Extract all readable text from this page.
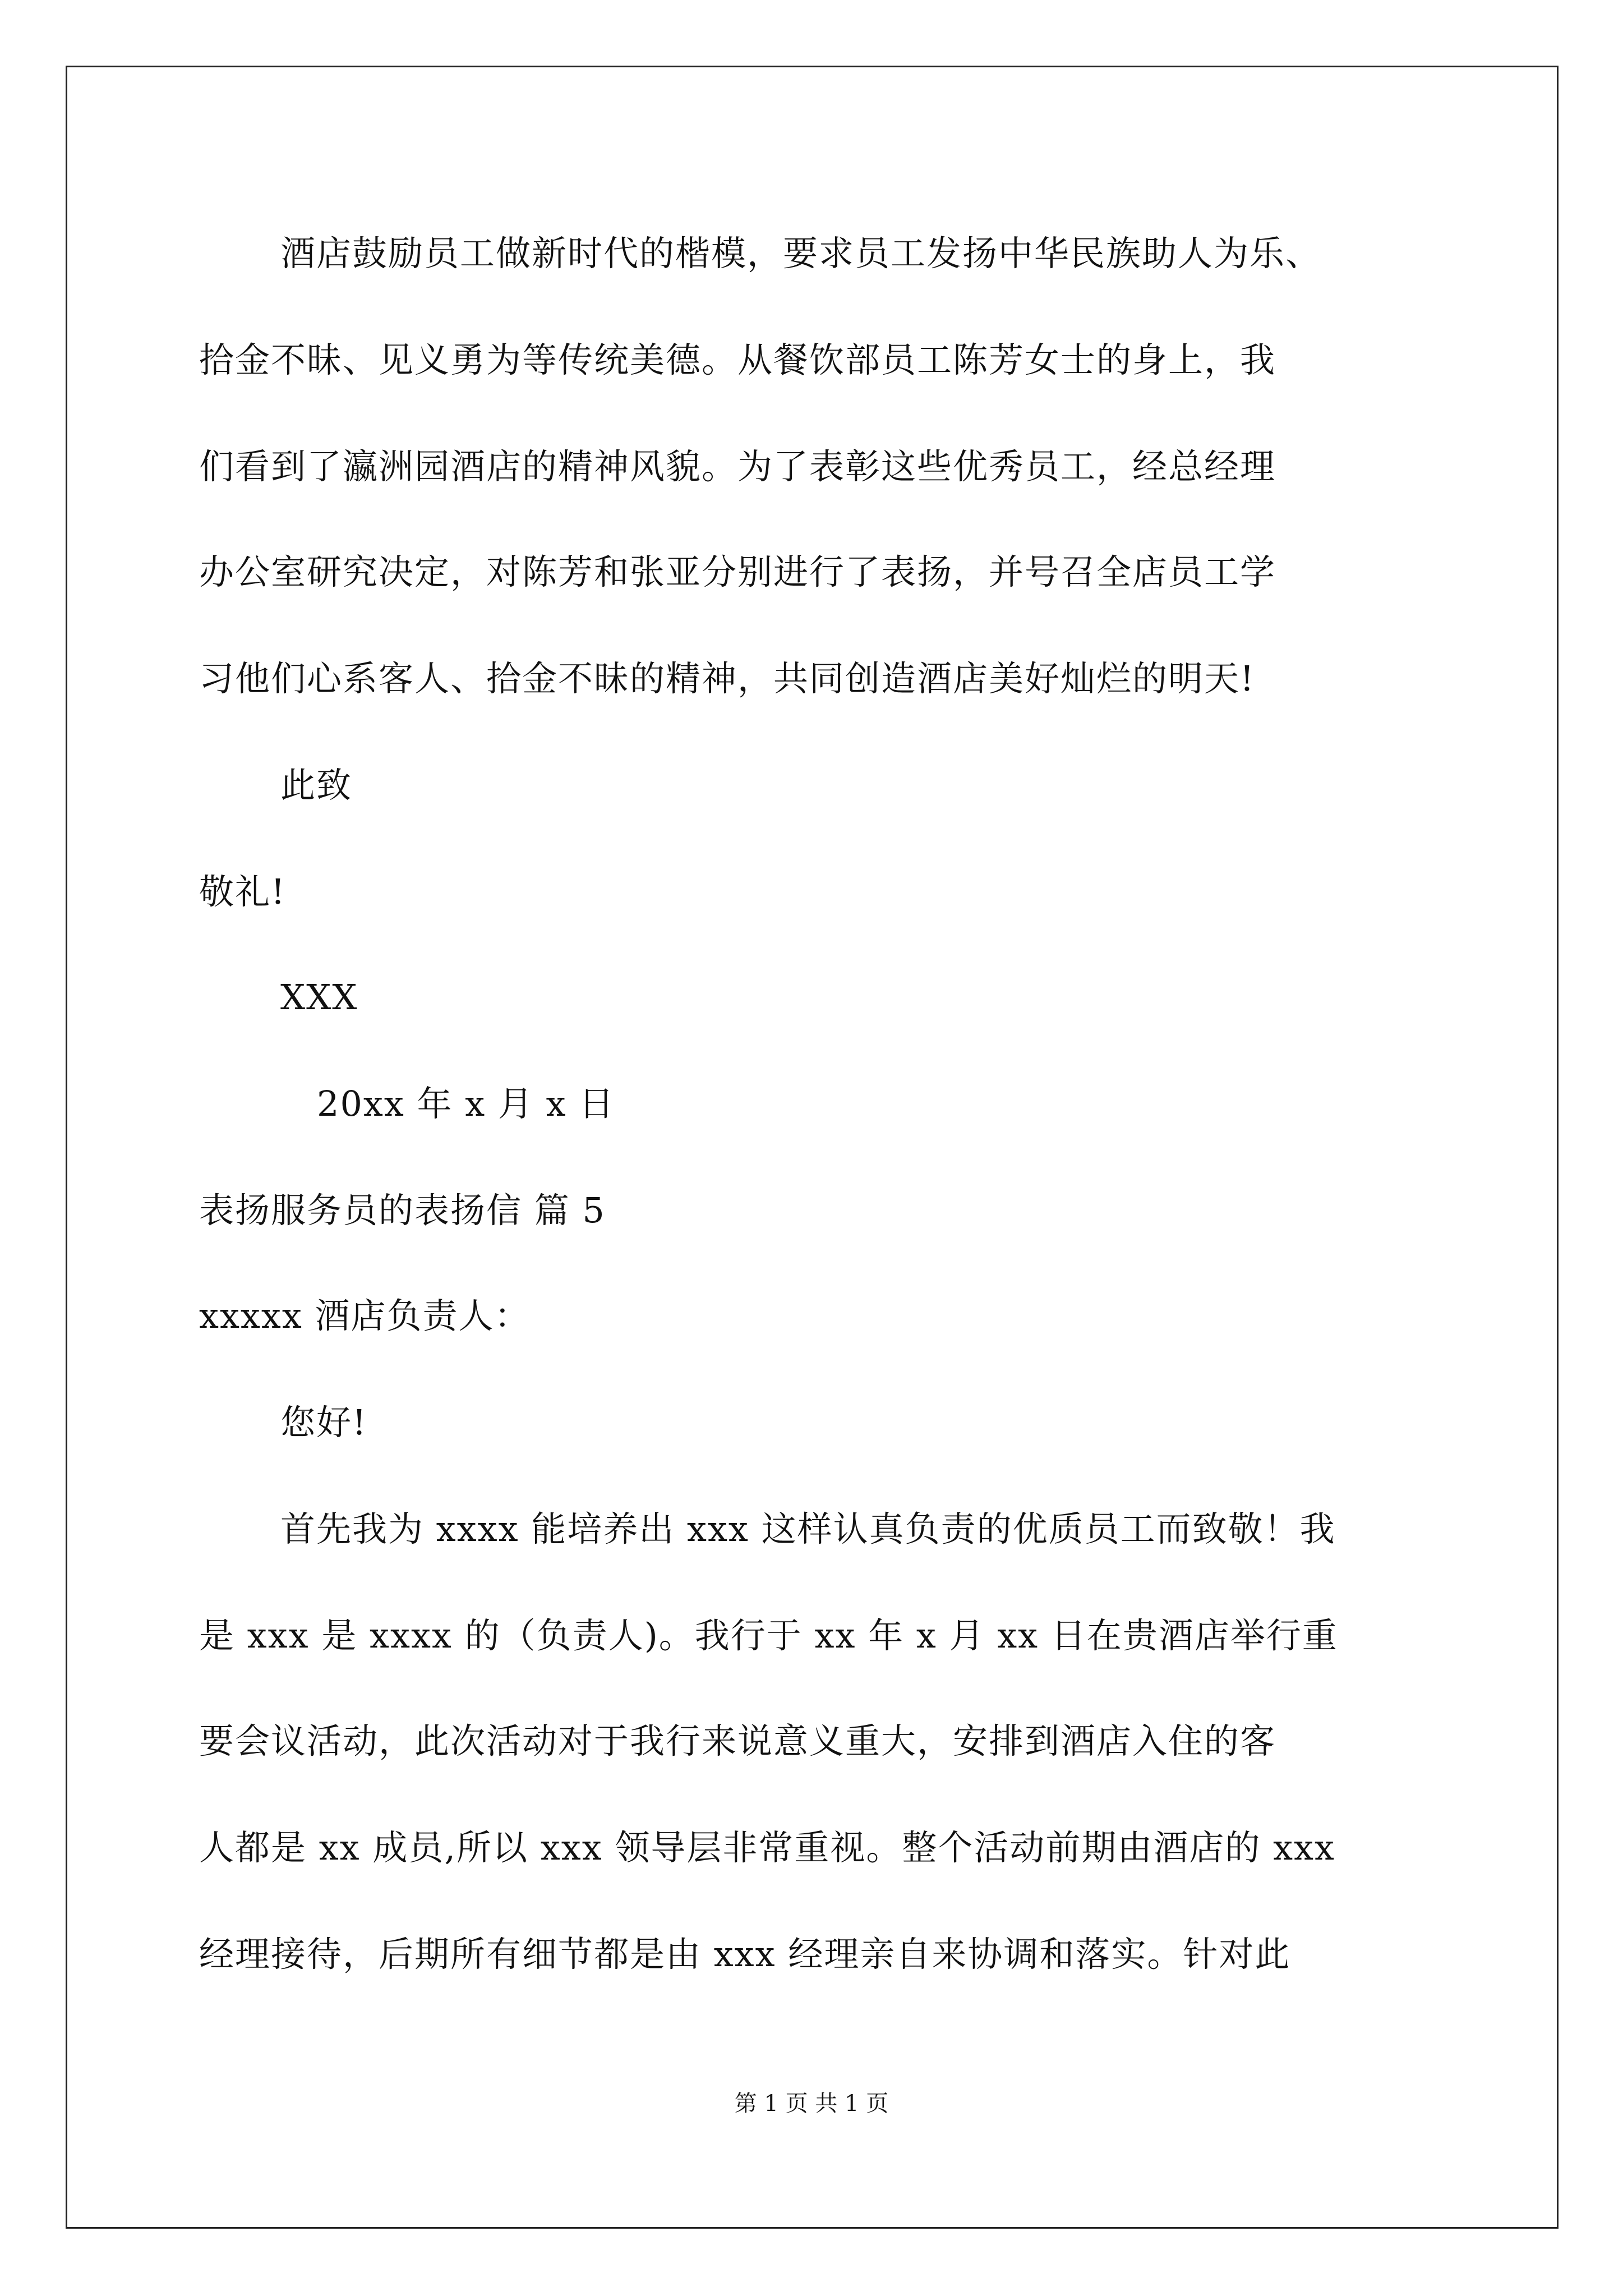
酒店鼓励员工做新时代的楷模，要求员工发扬中华民族助人为乐、
拾金不昧、见义勇为等传统美德。从餐饮部员工陈芳女士的身上，我
们看到了瀛洲园酒店的精神风貌。为了表彰这些优秀员工，经总经理
办公室研究决定，对陈芳和张亚分别进行了表扬，并号召全店员工学
习他们心系客人、拾金不昧的精神，共同创造酒店美好灿烂的明天!
此致
敬礼!
XXX
20xx 年 x 月 x 日
表扬服务员的表扬信 篇 5
xxxxx 酒店负责人：
您好!
首先我为 xxxx 能培养出 xxx 这样认真负责的优质员工而致敬！我
是 xxx 是 xxxx 的（负责人)。我行于 xx 年 x 月 xx 日在贵酒店举行重
要会议活动，此次活动对于我行来说意义重大，安排到酒店入住的客
人都是 xx 成员,所以 xxx 领导层非常重视。整个活动前期由酒店的 xxx
经理接待，后期所有细节都是由 xxx 经理亲自来协调和落实。针对此
第 1 页 共 1 页
